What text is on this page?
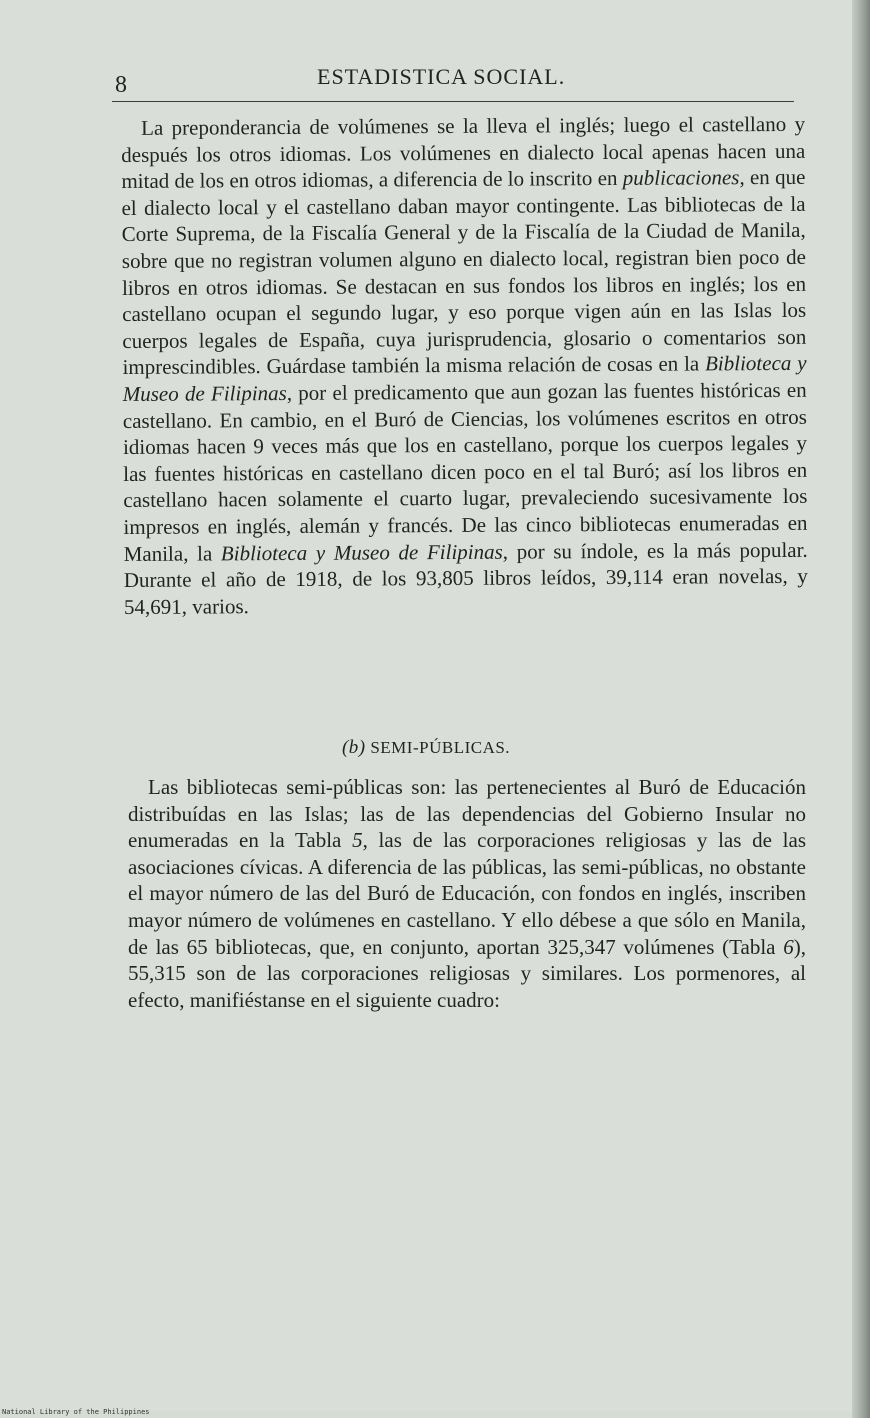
8	ESTADISTICA SOCIAL.
La preponderancia de volúmenes se la lleva el inglés; luego el castellano y después los otros idiomas. Los volúmenes en dialecto local apenas hacen una mitad de los en otros idiomas, a diferencia de lo inscrito en publicaciones, en que el dialecto local y el castellano daban mayor contingente. Las bibliotecas de la Corte Suprema, de la Fiscalía General y de la Fiscalía de la Ciudad de Manila, sobre que no registran volumen alguno en dialecto local, registran bien poco de libros en otros idiomas. Se destacan en sus fondos los libros en inglés; los en castellano ocupan el segundo lugar, y eso porque vigen aún en las Islas los cuerpos legales de España, cuya jurisprudencia, glosario o comentarios son imprescindibles. Guárdase también la misma relación de cosas en la Biblioteca y Museo de Filipinas, por el predicamento que aun gozan las fuentes históricas en castellano. En cambio, en el Buró de Ciencias, los volúmenes escritos en otros idiomas hacen 9 veces más que los en castellano, porque los cuerpos legales y las fuentes históricas en castellano dicen poco en el tal Buró; así los libros en castellano hacen solamente el cuarto lugar, prevaleciendo sucesivamente los impresos en inglés, alemán y francés. De las cinco bibliotecas enumeradas en Manila, la Biblioteca y Museo de Filipinas, por su índole, es la más popular. Durante el año de 1918, de los 93,805 libros leídos, 39,114 eran novelas, y 54,691, varios.
(b) SEMI-PÚBLICAS.
Las bibliotecas semi-públicas son: las pertenecientes al Buró de Educación distribuídas en las Islas; las de las dependencias del Gobierno Insular no enumeradas en la Tabla 5, las de las corporaciones religiosas y las de las asociaciones cívicas. A diferencia de las públicas, las semi-públicas, no obstante el mayor número de las del Buró de Educación, con fondos en inglés, inscriben mayor número de volúmenes en castellano. Y ello débese a que sólo en Manila, de las 65 bibliotecas, que, en conjunto, aportan 325,347 volúmenes (Tabla 6), 55,315 son de las corporaciones religiosas y similares. Los pormenores, al efecto, manifiéstanse en el siguiente cuadro:
National Library of the Philippines
